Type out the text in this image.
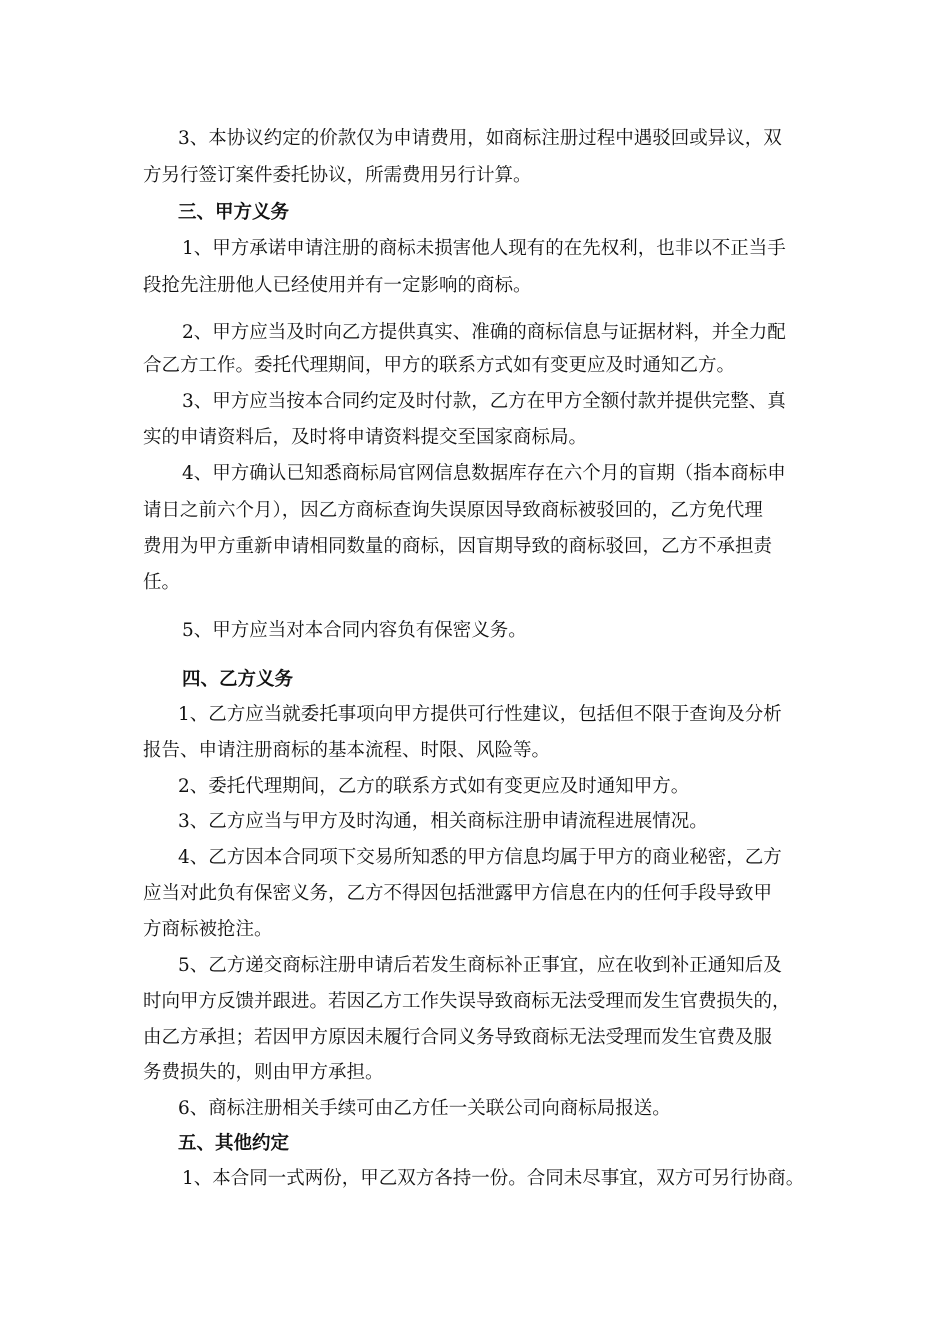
3、本协议约定的价款仅为申请费用，如商标注册过程中遇驳回或异议，双
方另行签订案件委托协议，所需费用另行计算。
三、甲方义务
1、甲方承诺申请注册的商标未损害他人现有的在先权利，也非以不正当手
段抢先注册他人已经使用并有一定影响的商标。
2、甲方应当及时向乙方提供真实、准确的商标信息与证据材料，并全力配
合乙方工作。委托代理期间，甲方的联系方式如有变更应及时通知乙方。
3、甲方应当按本合同约定及时付款，乙方在甲方全额付款并提供完整、真
实的申请资料后，及时将申请资料提交至国家商标局。
4、甲方确认已知悉商标局官网信息数据库存在六个月的盲期（指本商标申
请日之前六个月），因乙方商标查询失误原因导致商标被驳回的，乙方免代理
费用为甲方重新申请相同数量的商标，因盲期导致的商标驳回，乙方不承担责
任。
5、甲方应当对本合同内容负有保密义务。
四、乙方义务
1、乙方应当就委托事项向甲方提供可行性建议，包括但不限于查询及分析
报告、申请注册商标的基本流程、时限、风险等。
2、委托代理期间，乙方的联系方式如有变更应及时通知甲方。
3、乙方应当与甲方及时沟通，相关商标注册申请流程进展情况。
4、乙方因本合同项下交易所知悉的甲方信息均属于甲方的商业秘密，乙方
应当对此负有保密义务，乙方不得因包括泄露甲方信息在内的任何手段导致甲
方商标被抢注。
5、乙方递交商标注册申请后若发生商标补正事宜，应在收到补正通知后及
时向甲方反馈并跟进。若因乙方工作失误导致商标无法受理而发生官费损失的，
由乙方承担；若因甲方原因未履行合同义务导致商标无法受理而发生官费及服
务费损失的，则由甲方承担。
6、商标注册相关手续可由乙方任一关联公司向商标局报送。
五、其他约定
1、本合同一式两份，甲乙双方各持一份。合同未尽事宜，双方可另行协商。
